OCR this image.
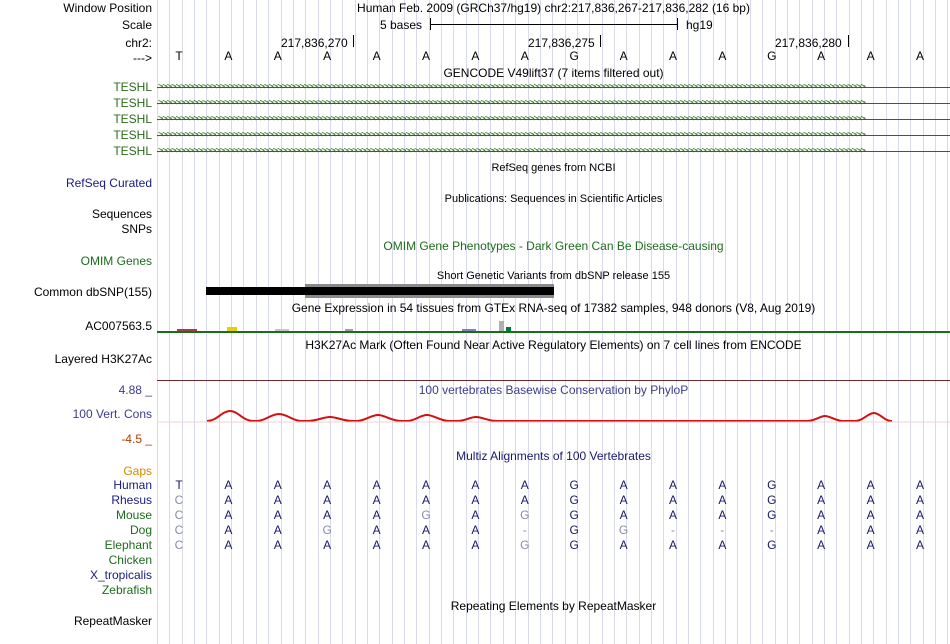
Window Position	Human Feb. 2009 (GRCh37/hg19) chr2:217,836,267-217,836,282 (16 bp)
Scale	5 bases	hg19
chr2:	217,836,270	217,836,275	217,836,280
---> T	A	A	A	A	A	A	A	G	A	A	A	G	A	A	A
GENCODE V49lift37 (7 items filtered out)
TESHL >>>>>>>>>>>>>>>>>>>>>>>>>>>>>>>>>>>>>>>>>>>>>>>>>>>>>>>>>>>>>>>>>>>>>>>>>>>>>>>>>>>>>>>>>>>>>>>>>>>>>>>>>>>>>>>>>>>>>>>>>>>>>>>>>>>>>>>>>>>>>>>>>>>>>>>>>>>>>>>>
TESHL >>>>>>>>>>>>>>>>>>>>>>>>>>>>>>>>>>>>>>>>>>>>>>>>>>>>>>>>>>>>>>>>>>>>>>>>>>>>>>>>>>>>>>>>>>>>>>>>>>>>>>>>>>>>>>>>>>>>>>>>>>>>>>>>>>>>>>>>>>>>>>>>>>>>>>>>>>>>>>>>
TESHL >>>>>>>>>>>>>>>>>>>>>>>>>>>>>>>>>>>>>>>>>>>>>>>>>>>>>>>>>>>>>>>>>>>>>>>>>>>>>>>>>>>>>>>>>>>>>>>>>>>>>>>>>>>>>>>>>>>>>>>>>>>>>>>>>>>>>>>>>>>>>>>>>>>>>>>>>>>>>>>>
TESHL >>>>>>>>>>>>>>>>>>>>>>>>>>>>>>>>>>>>>>>>>>>>>>>>>>>>>>>>>>>>>>>>>>>>>>>>>>>>>>>>>>>>>>>>>>>>>>>>>>>>>>>>>>>>>>>>>>>>>>>>>>>>>>>>>>>>>>>>>>>>>>>>>>>>>>>>>>>>>>>>
TESHL >>>>>>>>>>>>>>>>>>>>>>>>>>>>>>>>>>>>>>>>>>>>>>>>>>>>>>>>>>>>>>>>>>>>>>>>>>>>>>>>>>>>>>>>>>>>>>>>>>>>>>>>>>>>>>>>>>>>>>>>>>>>>>>>>>>>>>>>>>>>>>>>>>>>>>>>>>>>>>>>
RefSeq genes from NCBI
RefSeq Curated
Publications: Sequences in Scientific Articles
Sequences
SNPs
OMIM Gene Phenotypes - Dark Green Can Be Disease-causing
OMIM Genes
Short Genetic Variants from dbSNP release 155
Common dbSNP(155)
Gene Expression in 54 tissues from GTEx RNA-seq of 17382 samples, 948 donors (V8, Aug 2019)
AC007563.5
H3K27Ac Mark (Often Found Near Active Regulatory Elements) on 7 cell lines from ENCODE
Layered H3K27Ac
100 vertebrates Basewise Conservation by PhyloP
4.88 _
100 Vert. Cons
-4.5 _
Multiz Alignments of 100 Vertebrates
Gaps
Human T	A	A	A	A	A	A	A	G	A	A	A	G	A	A	A
Rhesus C	A	A	A	A	A	A	A	G	A	A	A	G	A	A	A
Mouse C	A	A	A	A	G	A	G	G	A	A	A	G	A	A	A
Dog C	A	A	G	A	A	A	-	G	G	-	-	-	A	A	A
Elephant C	A	A	A	A	A	A	G	G	A	A	A	G	A	A	A
Chicken
X_tropicalis
Zebrafish
Repeating Elements by RepeatMasker
RepeatMasker
